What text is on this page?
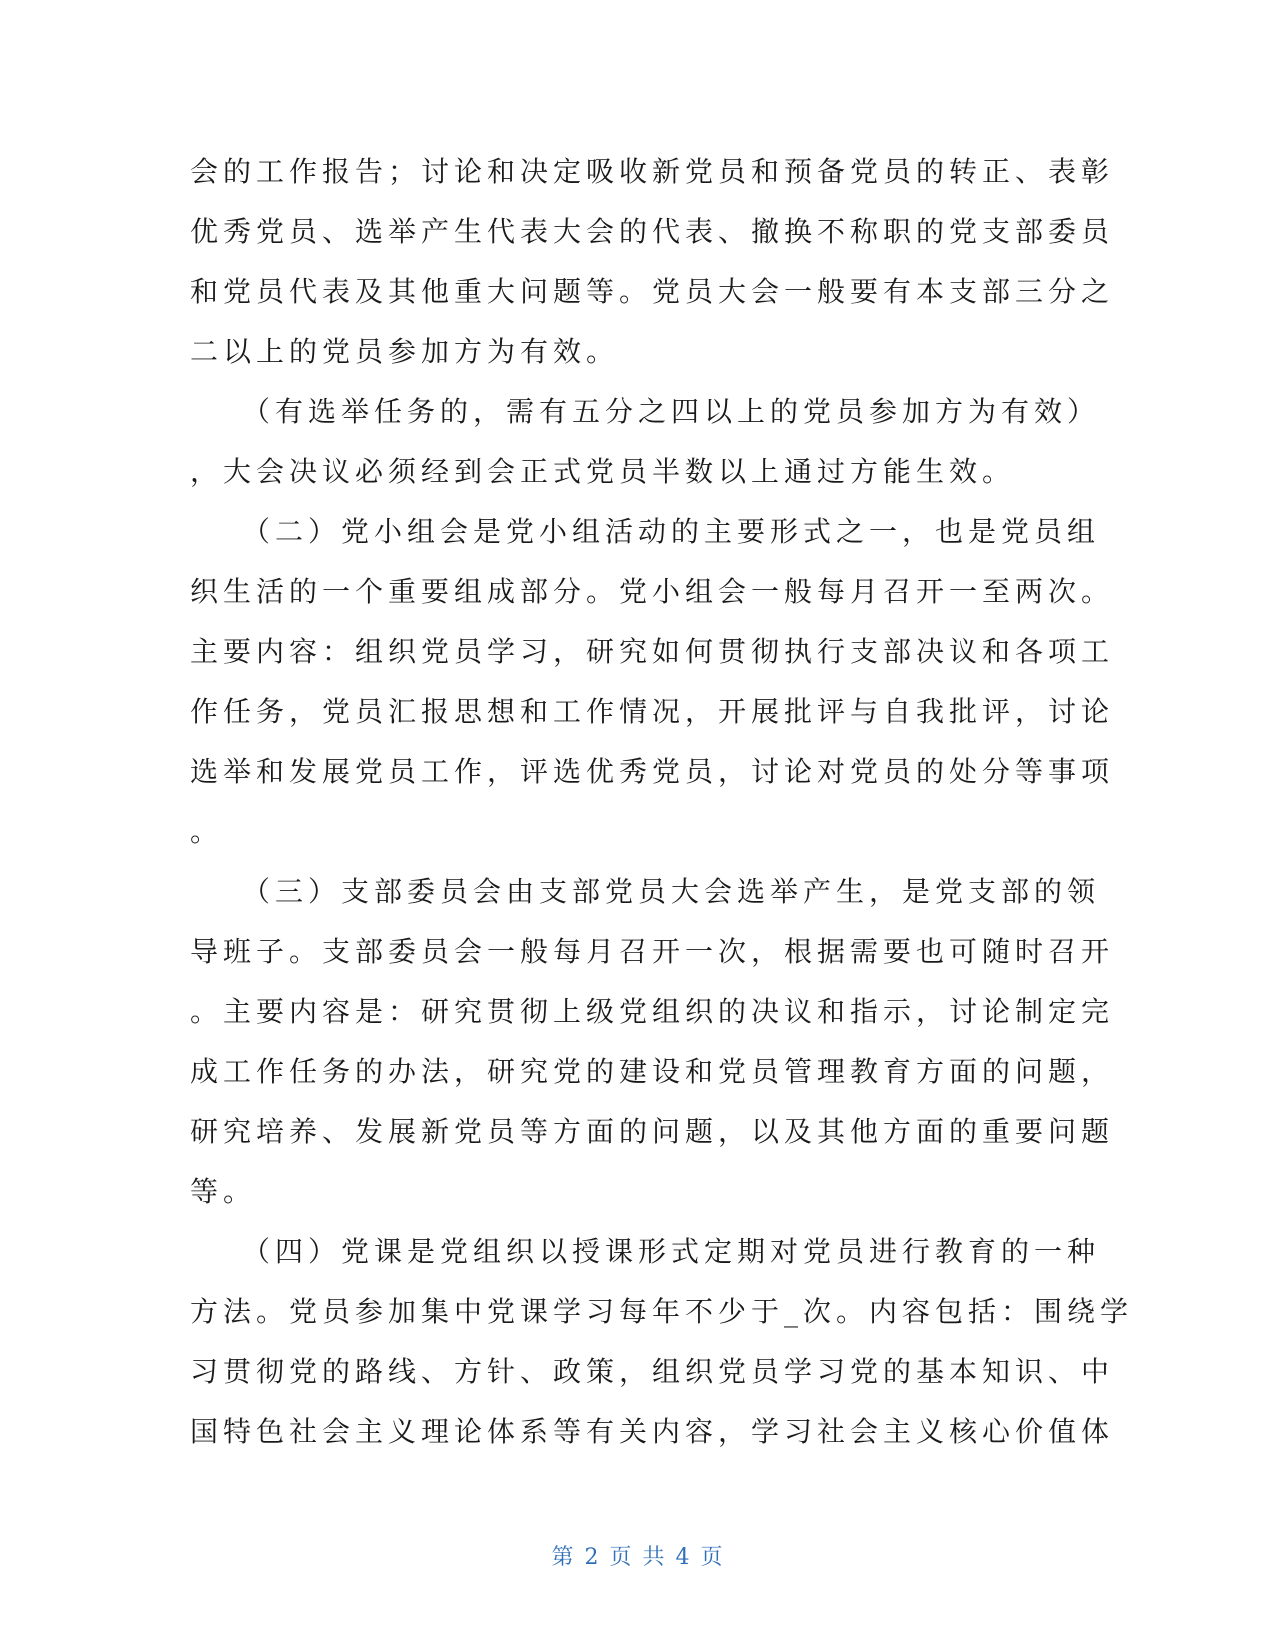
会的工作报告；讨论和决定吸收新党员和预备党员的转正、表彰
优秀党员、选举产生代表大会的代表、撤换不称职的党支部委员
和党员代表及其他重大问题等。党员大会一般要有本支部三分之
二以上的党员参加方为有效。
　　（有选举任务的，需有五分之四以上的党员参加方为有效）
，大会决议必须经到会正式党员半数以上通过方能生效。
　　（二）党小组会是党小组活动的主要形式之一，也是党员组
织生活的一个重要组成部分。党小组会一般每月召开一至两次。
主要内容：组织党员学习，研究如何贯彻执行支部决议和各项工
作任务，党员汇报思想和工作情况，开展批评与自我批评，讨论
选举和发展党员工作，评选优秀党员，讨论对党员的处分等事项
。
　　（三）支部委员会由支部党员大会选举产生，是党支部的领
导班子。支部委员会一般每月召开一次，根据需要也可随时召开
。主要内容是：研究贯彻上级党组织的决议和指示，讨论制定完
成工作任务的办法，研究党的建设和党员管理教育方面的问题，
研究培养、发展新党员等方面的问题，以及其他方面的重要问题
等。
　　（四）党课是党组织以授课形式定期对党员进行教育的一种
方法。党员参加集中党课学习每年不少于_次。内容包括：围绕学
习贯彻党的路线、方针、政策，组织党员学习党的基本知识、中
国特色社会主义理论体系等有关内容，学习社会主义核心价值体
第 2 页 共 4 页
